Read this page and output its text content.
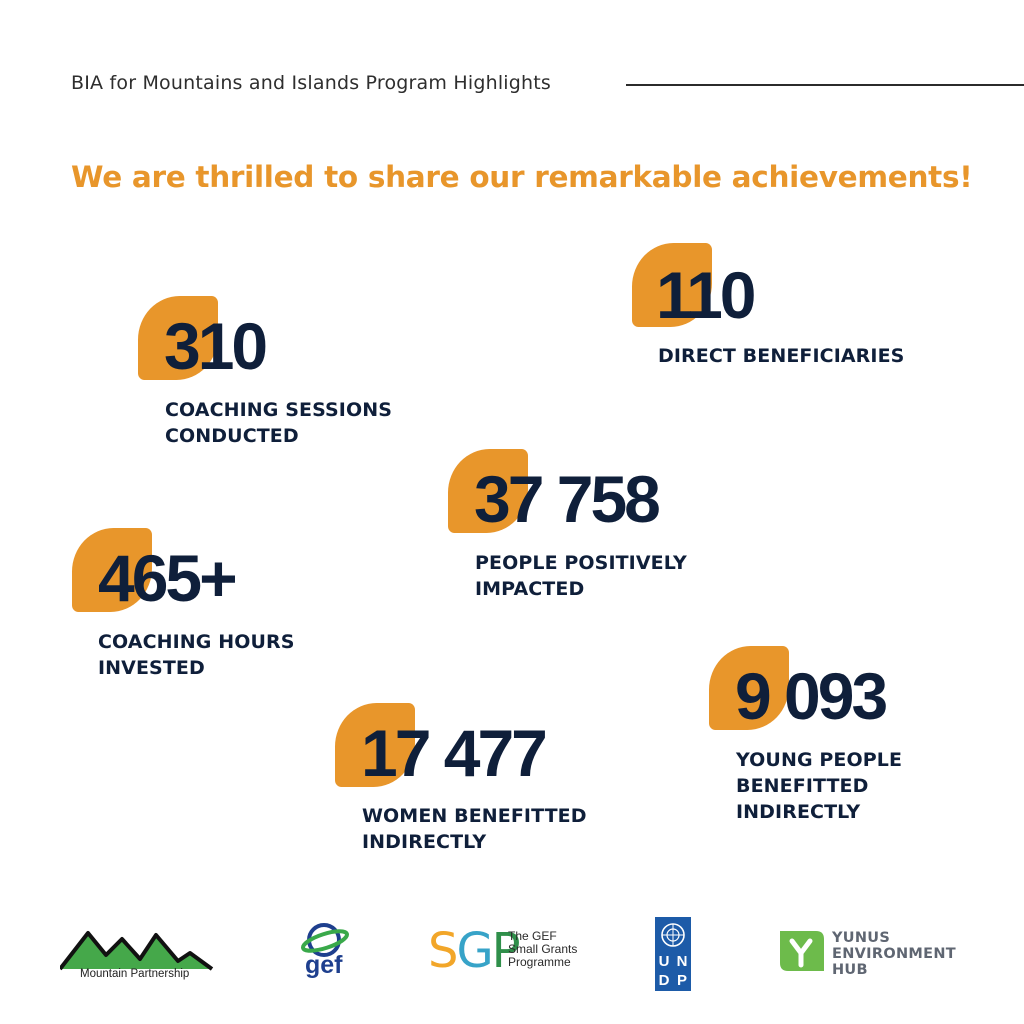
BIA for Mountains and Islands Program Highlights
We are thrilled to share our remarkable achievements!
310
COACHING SESSIONS
CONDUCTED
110
DIRECT BENEFICIARIES
37 758
PEOPLE POSITIVELY
IMPACTED
465+
COACHING HOURS
INVESTED	9 093
YOUNG PEOPLE
BENEFITTED
INDIRECTLY
17 477
WOMEN BENEFITTED
INDIRECTLY
Mountain Partnership	gef SGP
The GEF
Small Grants
Programme	U N
D P
YUNUS
ENVIRONMENT
HUB
